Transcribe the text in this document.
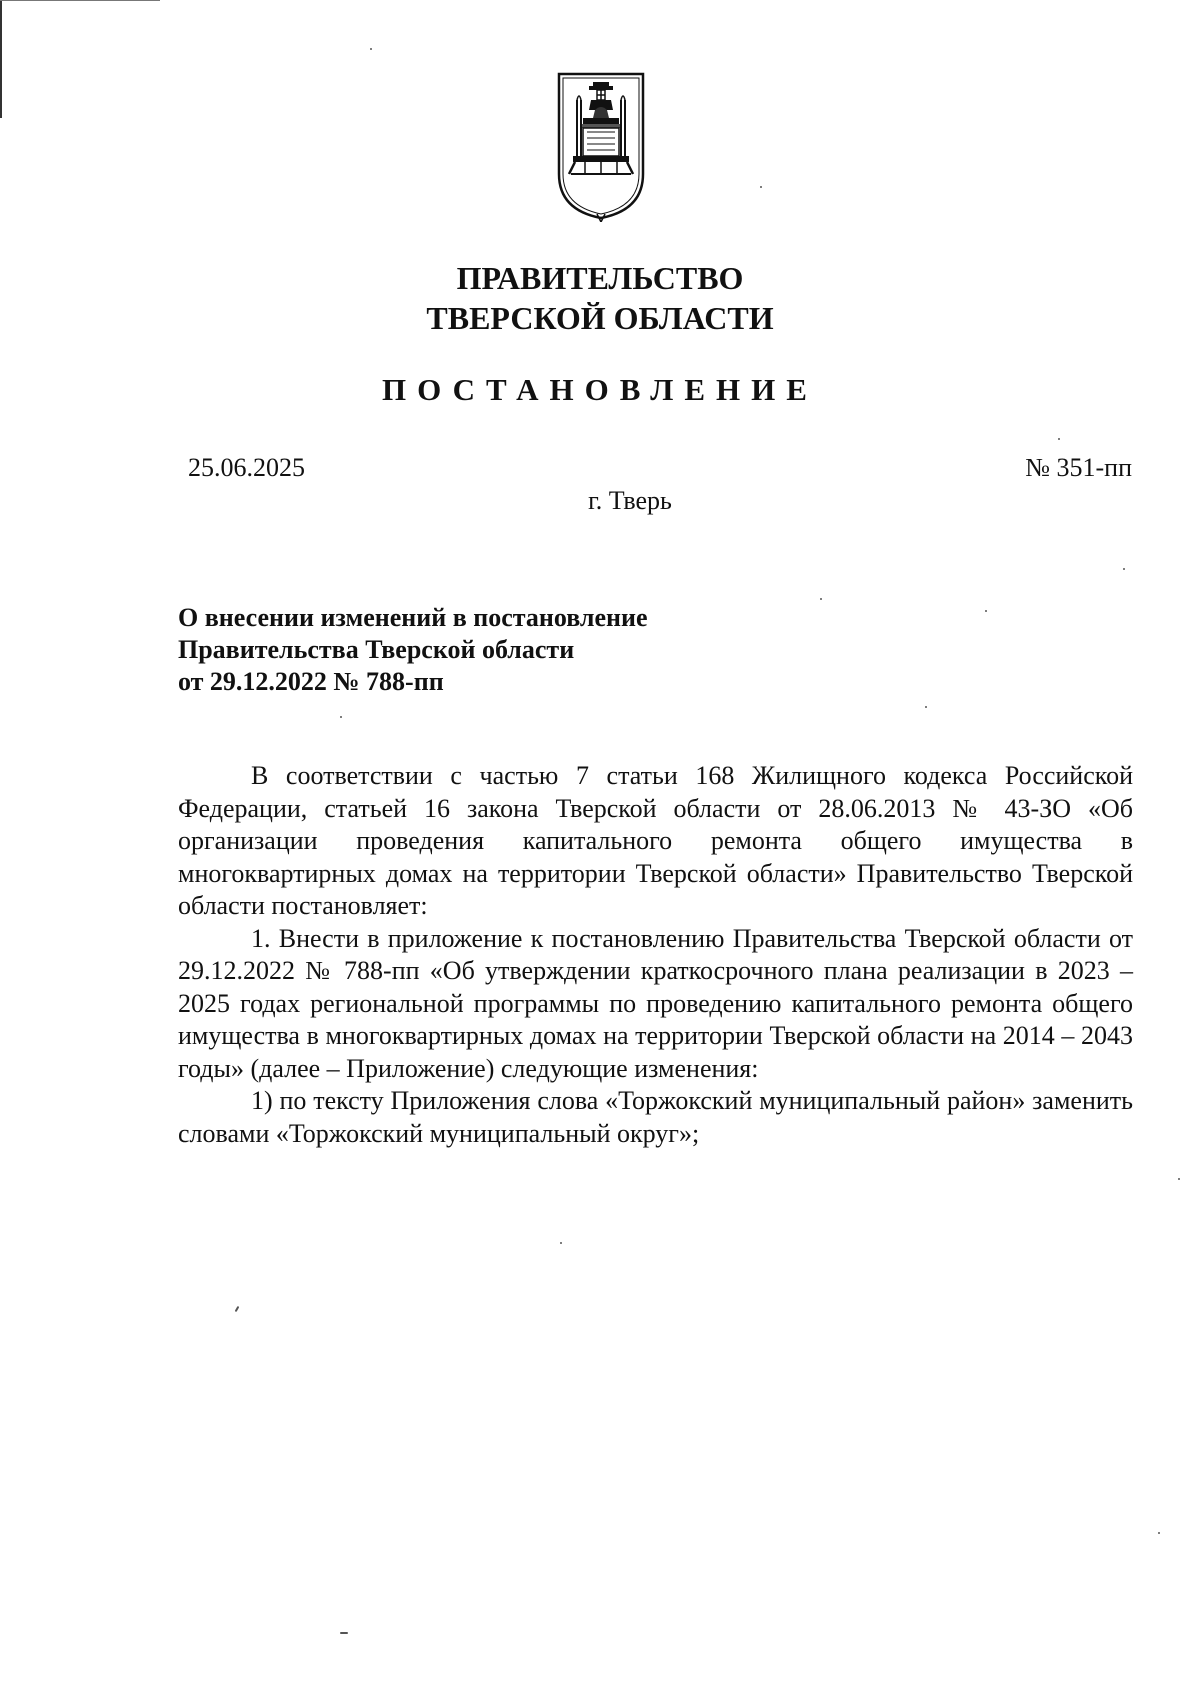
ПРАВИТЕЛЬСТВО
ТВЕРСКОЙ ОБЛАСТИ
ПОСТАНОВЛЕНИЕ
25.06.2025	№ 351-пп
г. Тверь
О внесении изменений в постановление
Правительства Тверской области
от 29.12.2022 № 788-пп

В соответствии с частью 7 статьи 168 Жилищного кодекса Российской Федерации, статьей 16 закона Тверской области от 28.06.2013 № 43-ЗО «Об организации проведения капитального ремонта общего имущества в многоквартирных домах на территории Тверской области» Правительство Тверской области постановляет:

1. Внести в приложение к постановлению Правительства Тверской области от 29.12.2022 № 788-пп «Об утверждении краткосрочного плана реализации в 2023 – 2025 годах региональной программы по проведению капитального ремонта общего имущества в многоквартирных домах на территории Тверской области на 2014 – 2043 годы» (далее – Приложение) следующие изменения:

1) по тексту Приложения слова «Торжокский муниципальный район» заменить словами «Торжокский муниципальный округ»;
